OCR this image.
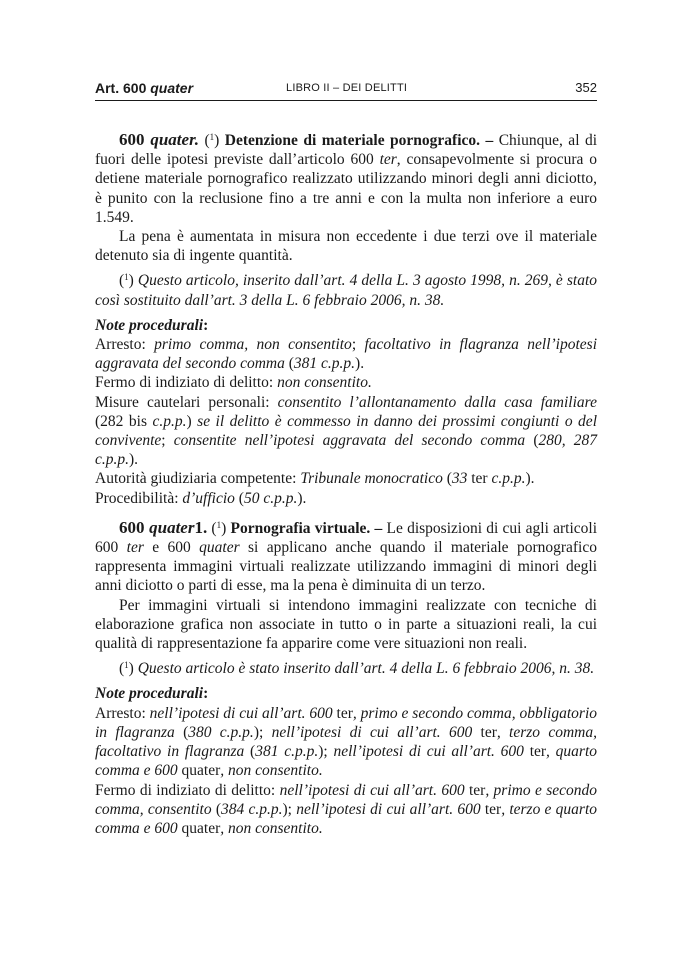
Art. 600 quater	LIBRO II – DEI DELITTI	352

600 quater. ($^1$) Detenzione di materiale pornografico. – Chiunque, al di fuori delle ipotesi previste dall’articolo 600 ter, consapevolmente si procura o detiene materiale pornografico realizzato utilizzando minori degli anni diciotto, è punito con la reclusione fino a tre anni e con la multa non inferiore a euro 1.549.

La pena è aumentata in misura non eccedente i due terzi ove il materiale detenuto sia di ingente quantità.

($^1$) Questo articolo, inserito dall’art. 4 della L. 3 agosto 1998, n. 269, è stato così sostituito dall’art. 3 della L. 6 febbraio 2006, n. 38.

Note procedurali:

Arresto: primo comma, non consentito; facoltativo in flagranza nell’ipotesi aggravata del secondo comma (381 c.p.p.).

Fermo di indiziato di delitto: non consentito.

Misure cautelari personali: consentito l’allontanamento dalla casa familiare (282 bis c.p.p.) se il delitto è commesso in danno dei prossimi congiunti o del convivente; consentite nell’ipotesi aggravata del secondo comma (280, 287 c.p.p.).

Autorità giudiziaria competente: Tribunale monocratico (33 ter c.p.p.).

Procedibilità: d’ufficio (50 c.p.p.).

600 quater1. ($^1$) Pornografia virtuale. – Le disposizioni di cui agli articoli 600 ter e 600 quater si applicano anche quando il materiale pornografico rappresenta immagini virtuali realizzate utilizzando immagini di minori degli anni diciotto o parti di esse, ma la pena è diminuita di un terzo.

Per immagini virtuali si intendono immagini realizzate con tecniche di elaborazione grafica non associate in tutto o in parte a situazioni reali, la cui qualità di rappresentazione fa apparire come vere situazioni non reali.

($^1$) Questo articolo è stato inserito dall’art. 4 della L. 6 febbraio 2006, n. 38.

Note procedurali:

Arresto: nell’ipotesi di cui all’art. 600 ter, primo e secondo comma, obbligatorio in flagranza (380 c.p.p.); nell’ipotesi di cui all’art. 600 ter, terzo comma, facoltativo in flagranza (381 c.p.p.); nell’ipotesi di cui all’art. 600 ter, quarto comma e 600 quater, non consentito.

Fermo di indiziato di delitto: nell’ipotesi di cui all’art. 600 ter, primo e secondo comma, consentito (384 c.p.p.); nell’ipotesi di cui all’art. 600 ter, terzo e quarto comma e 600 quater, non consentito.
